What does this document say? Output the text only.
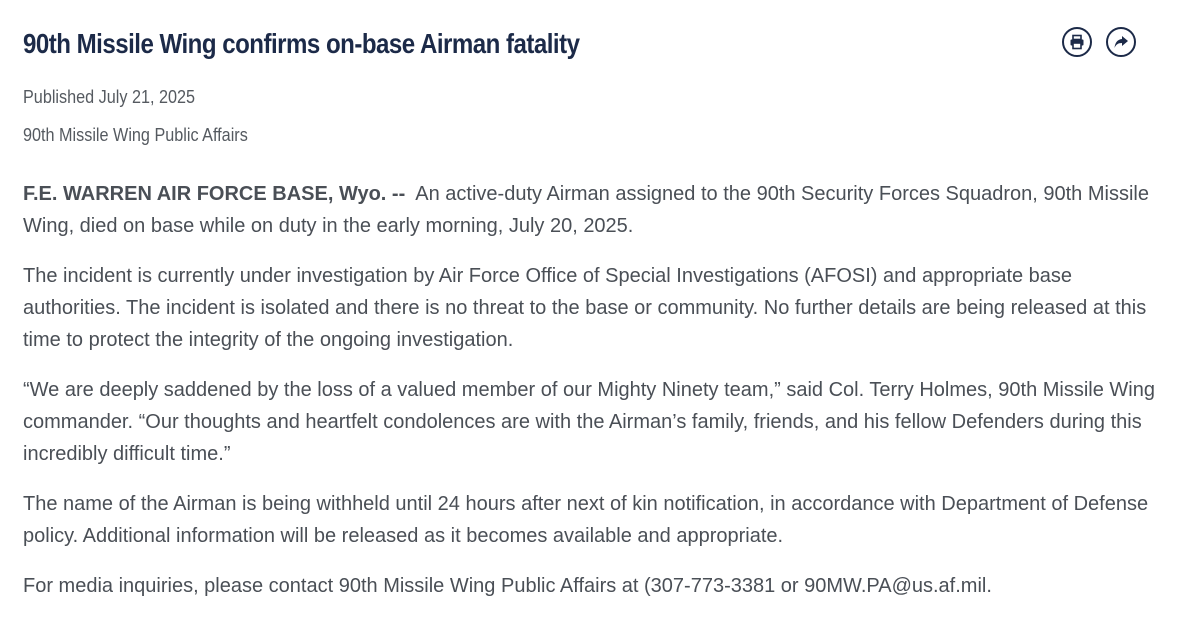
90th Missile Wing confirms on-base Airman fatality
Published July 21, 2025
90th Missile Wing Public Affairs

F.E. WARREN AIR FORCE BASE, Wyo. -- An active-duty Airman assigned to the 90th Security Forces Squadron, 90th Missile Wing, died on base while on duty in the early morning, July 20, 2025.

The incident is currently under investigation by Air Force Office of Special Investigations (AFOSI) and appropriate base authorities. The incident is isolated and there is no threat to the base or community. No further details are being released at this time to protect the integrity of the ongoing investigation.

“We are deeply saddened by the loss of a valued member of our Mighty Ninety team,” said Col. Terry Holmes, 90th Missile Wing commander. “Our thoughts and heartfelt condolences are with the Airman’s family, friends, and his fellow Defenders during this incredibly difficult time.”

The name of the Airman is being withheld until 24 hours after next of kin notification, in accordance with Department of Defense policy. Additional information will be released as it becomes available and appropriate.

For media inquiries, please contact 90th Missile Wing Public Affairs at (307-773-3381 or 90MW.PA@us.af.mil.
